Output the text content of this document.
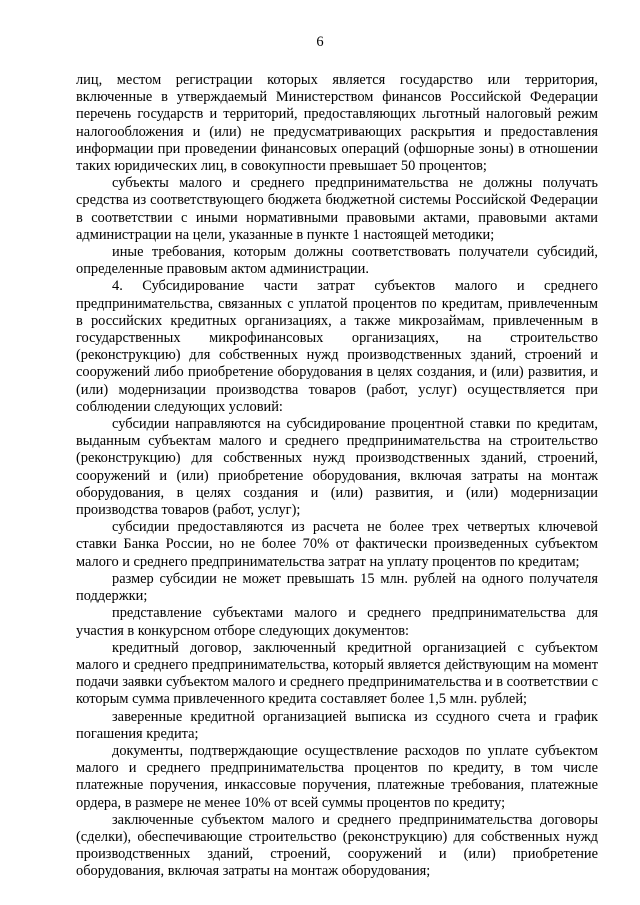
6

лиц, местом регистрации которых является государство или территория, включенные в утверждаемый Министерством финансов Российской Федерации перечень государств и территорий, предоставляющих льготный налоговый режим налогообложения и (или) не предусматривающих раскрытия и предоставления информации при проведении финансовых операций (офшорные зоны) в отношении таких юридических лиц, в совокупности превышает 50 процентов;

субъекты малого и среднего предпринимательства не должны получать средства из соответствующего бюджета бюджетной системы Российской Федерации в соответствии с иными нормативными правовыми актами, правовыми актами администрации на цели, указанные в пункте 1 настоящей методики;

иные требования, которым должны соответствовать получатели субсидий, определенные правовым актом администрации.

4. Субсидирование части затрат субъектов малого и среднего предпринимательства, связанных с уплатой процентов по кредитам, привлеченным в российских кредитных организациях, а также микрозаймам, привлеченным в государственных микрофинансовых организациях, на строительство (реконструкцию) для собственных нужд производственных зданий, строений и сооружений либо приобретение оборудования в целях создания, и (или) развития, и (или) модернизации производства товаров (работ, услуг) осуществляется при соблюдении следующих условий:

субсидии направляются на субсидирование процентной ставки по кредитам, выданным субъектам малого и среднего предпринимательства на строительство (реконструкцию) для собственных нужд производственных зданий, строений, сооружений и (или) приобретение оборудования, включая затраты на монтаж оборудования, в целях создания и (или) развития, и (или) модернизации производства товаров (работ, услуг);

субсидии предоставляются из расчета не более трех четвертых ключевой ставки Банка России, но не более 70% от фактически произведенных субъектом малого и среднего предпринимательства затрат на уплату процентов по кредитам;

размер субсидии не может превышать 15 млн. рублей на одного получателя поддержки;

представление субъектами малого и среднего предпринимательства для участия в конкурсном отборе следующих документов:

кредитный договор, заключенный кредитной организацией с субъектом малого и среднего предпринимательства, который является действующим на момент подачи заявки субъектом малого и среднего предпринимательства и в соответствии с которым сумма привлеченного кредита составляет более 1,5 млн. рублей;

заверенные кредитной организацией выписка из ссудного счета и график погашения кредита;

документы, подтверждающие осуществление расходов по уплате субъектом малого и среднего предпринимательства процентов по кредиту, в том числе платежные поручения, инкассовые поручения, платежные требования, платежные ордера, в размере не менее 10% от всей суммы процентов по кредиту;

заключенные субъектом малого и среднего предпринимательства договоры (сделки), обеспечивающие строительство (реконструкцию) для собственных нужд производственных зданий, строений, сооружений и (или) приобретение оборудования, включая затраты на монтаж оборудования;
